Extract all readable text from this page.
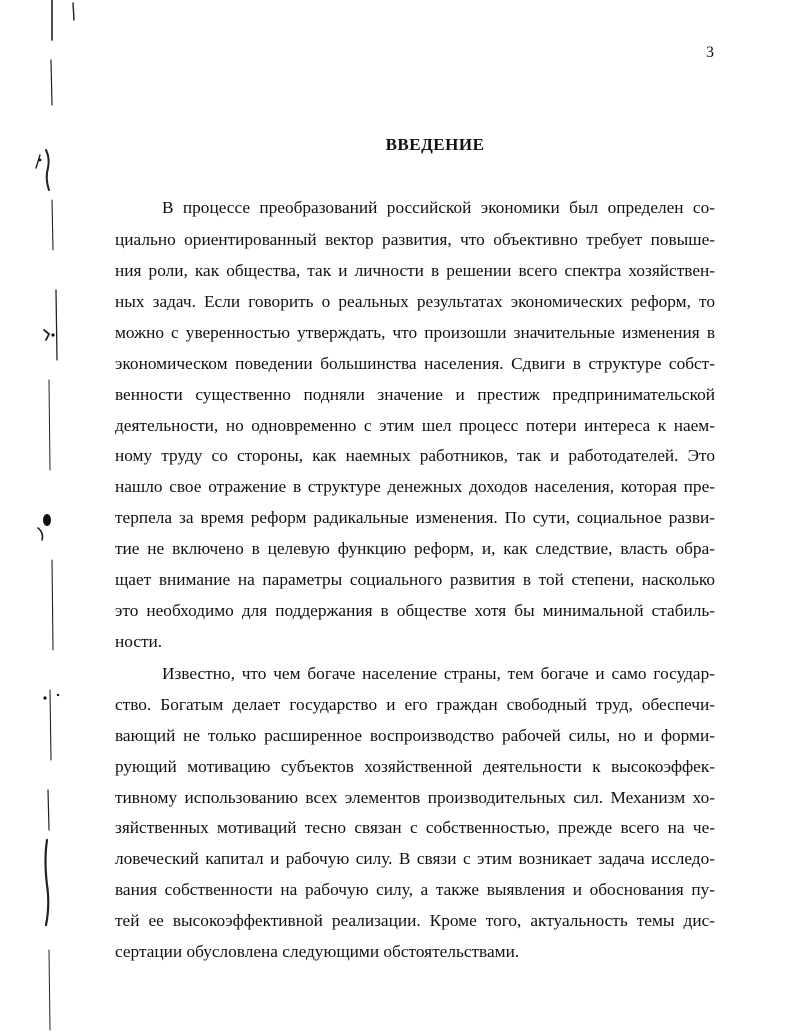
3
ВВЕДЕНИЕ
В процессе преобразований российской экономики был определен со-
циально ориентированный вектор развития, что объективно требует повыше-
ния роли, как общества, так и личности в решении всего спектра хозяйствен-
ных задач. Если говорить о реальных результатах экономических реформ, то
можно с уверенностью утверждать, что произошли значительные изменения в
экономическом поведении большинства населения. Сдвиги в структуре собст-
венности существенно подняли значение и престиж предпринимательской
деятельности, но одновременно с этим шел процесс потери интереса к наем-
ному труду со стороны, как наемных работников, так и работодателей. Это
нашло свое отражение в структуре денежных доходов населения, которая пре-
терпела за время реформ радикальные изменения. По сути, социальное разви-
тие не включено в целевую функцию реформ, и, как следствие, власть обра-
щает внимание на параметры социального развития в той степени, насколько
это необходимо для поддержания в обществе хотя бы минимальной стабиль-
ности.
Известно, что чем богаче население страны, тем богаче и само государ-
ство. Богатым делает государство и его граждан свободный труд, обеспечи-
вающий не только расширенное воспроизводство рабочей силы, но и форми-
рующий мотивацию субъектов хозяйственной деятельности к высокоэффек-
тивному использованию всех элементов производительных сил. Механизм хо-
зяйственных мотиваций тесно связан с собственностью, прежде всего на че-
ловеческий капитал и рабочую силу. В связи с этим возникает задача исследо-
вания собственности на рабочую силу, а также выявления и обоснования пу-
тей ее высокоэффективной реализации. Кроме того, актуальность темы дис-
сертации обусловлена следующими обстоятельствами.
